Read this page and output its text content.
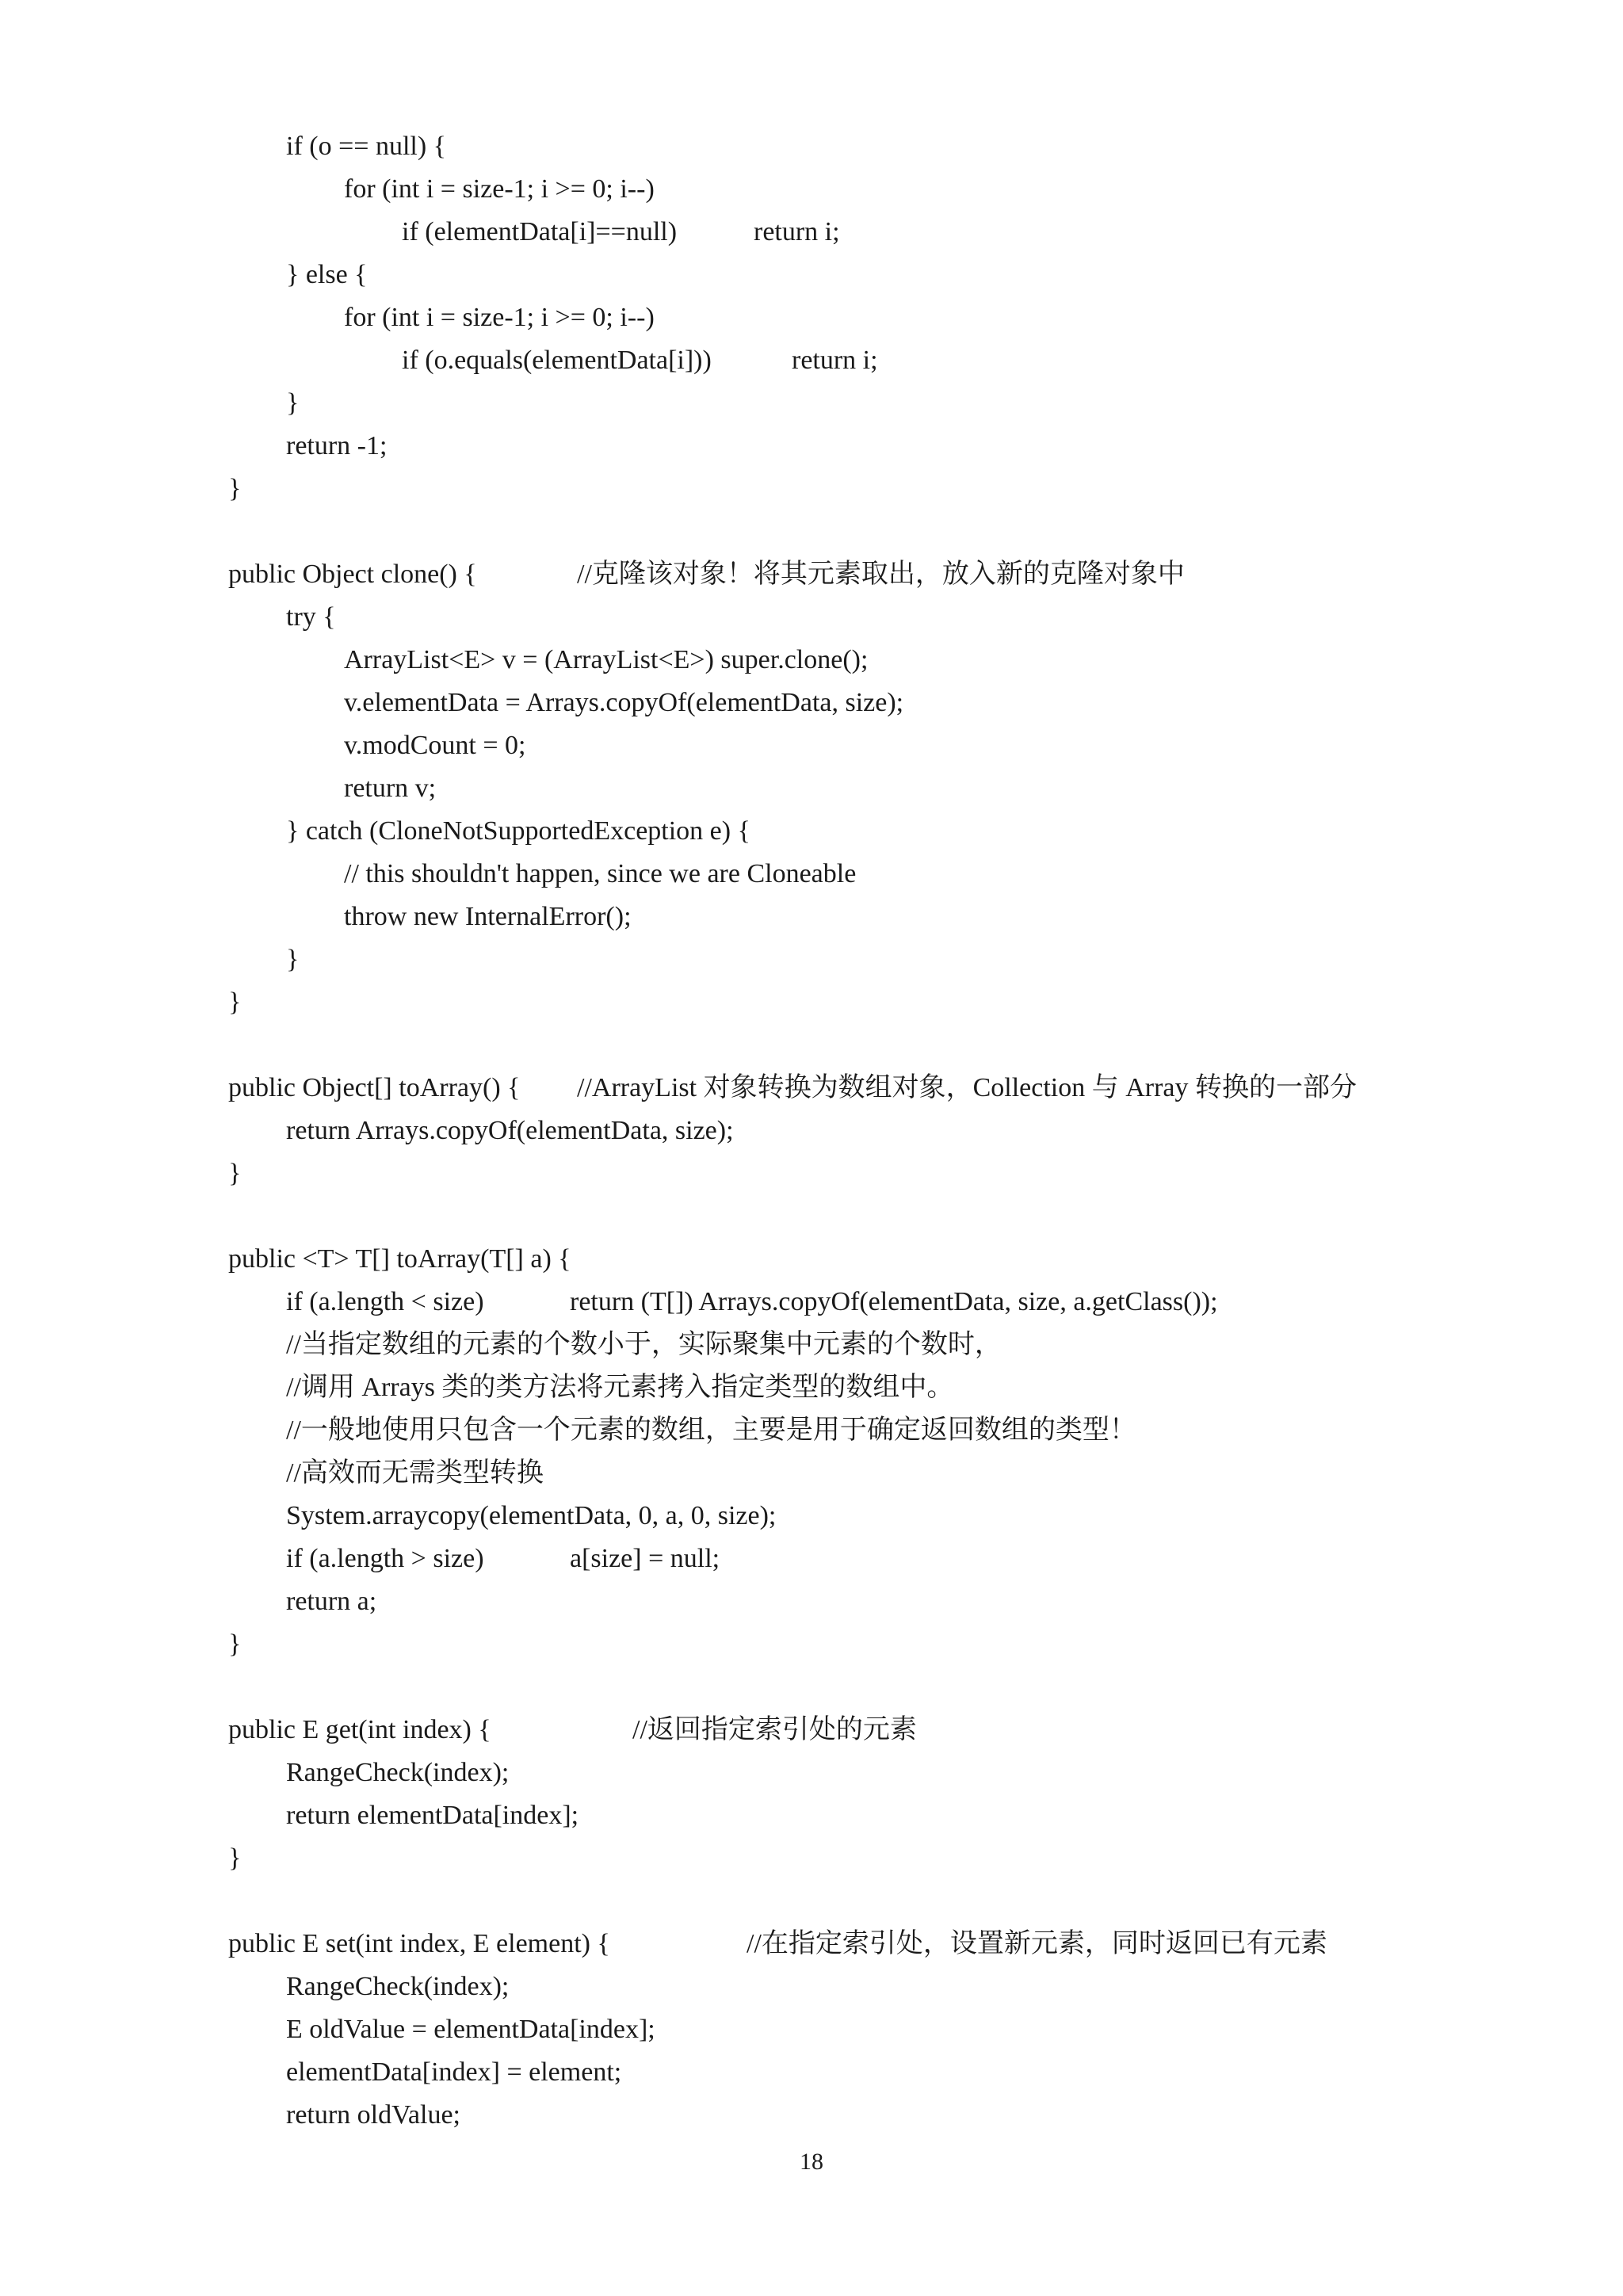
if (o == null) {
for (int i = size-1; i >= 0; i--)
if (elementData[i]==null)	return i;
} else {
for (int i = size-1; i >= 0; i--)
if (o.equals(elementData[i]))	return i;
}
return -1;
}
public Object clone() {	//克隆该对象！将其元素取出，放入新的克隆对象中
try {
ArrayList<E> v = (ArrayList<E>) super.clone();
v.elementData = Arrays.copyOf(elementData, size);
v.modCount = 0;
return v;
} catch (CloneNotSupportedException e) {
// this shouldn't happen, since we are Cloneable
throw new InternalError();
}
}
public Object[] toArray() { //ArrayList 对象转换为数组对象，Collection 与 Array 转换的一部分
return Arrays.copyOf(elementData, size);
}
public <T> T[] toArray(T[] a) {
if (a.length < size)	return (T[]) Arrays.copyOf(elementData, size, a.getClass());
//当指定数组的元素的个数小于，实际聚集中元素的个数时，
//调用 Arrays 类的类方法将元素拷入指定类型的数组中。
//一般地使用只包含一个元素的数组，主要是用于确定返回数组的类型！
//高效而无需类型转换
System.arraycopy(elementData, 0, a, 0, size);
if (a.length > size)	a[size] = null;
return a;
}
public E get(int index) {	//返回指定索引处的元素
RangeCheck(index);
return elementData[index];
}
public E set(int index, E element) {	//在指定索引处，设置新元素，同时返回已有元素
RangeCheck(index);
E oldValue = elementData[index];
elementData[index] = element;
return oldValue;
18
